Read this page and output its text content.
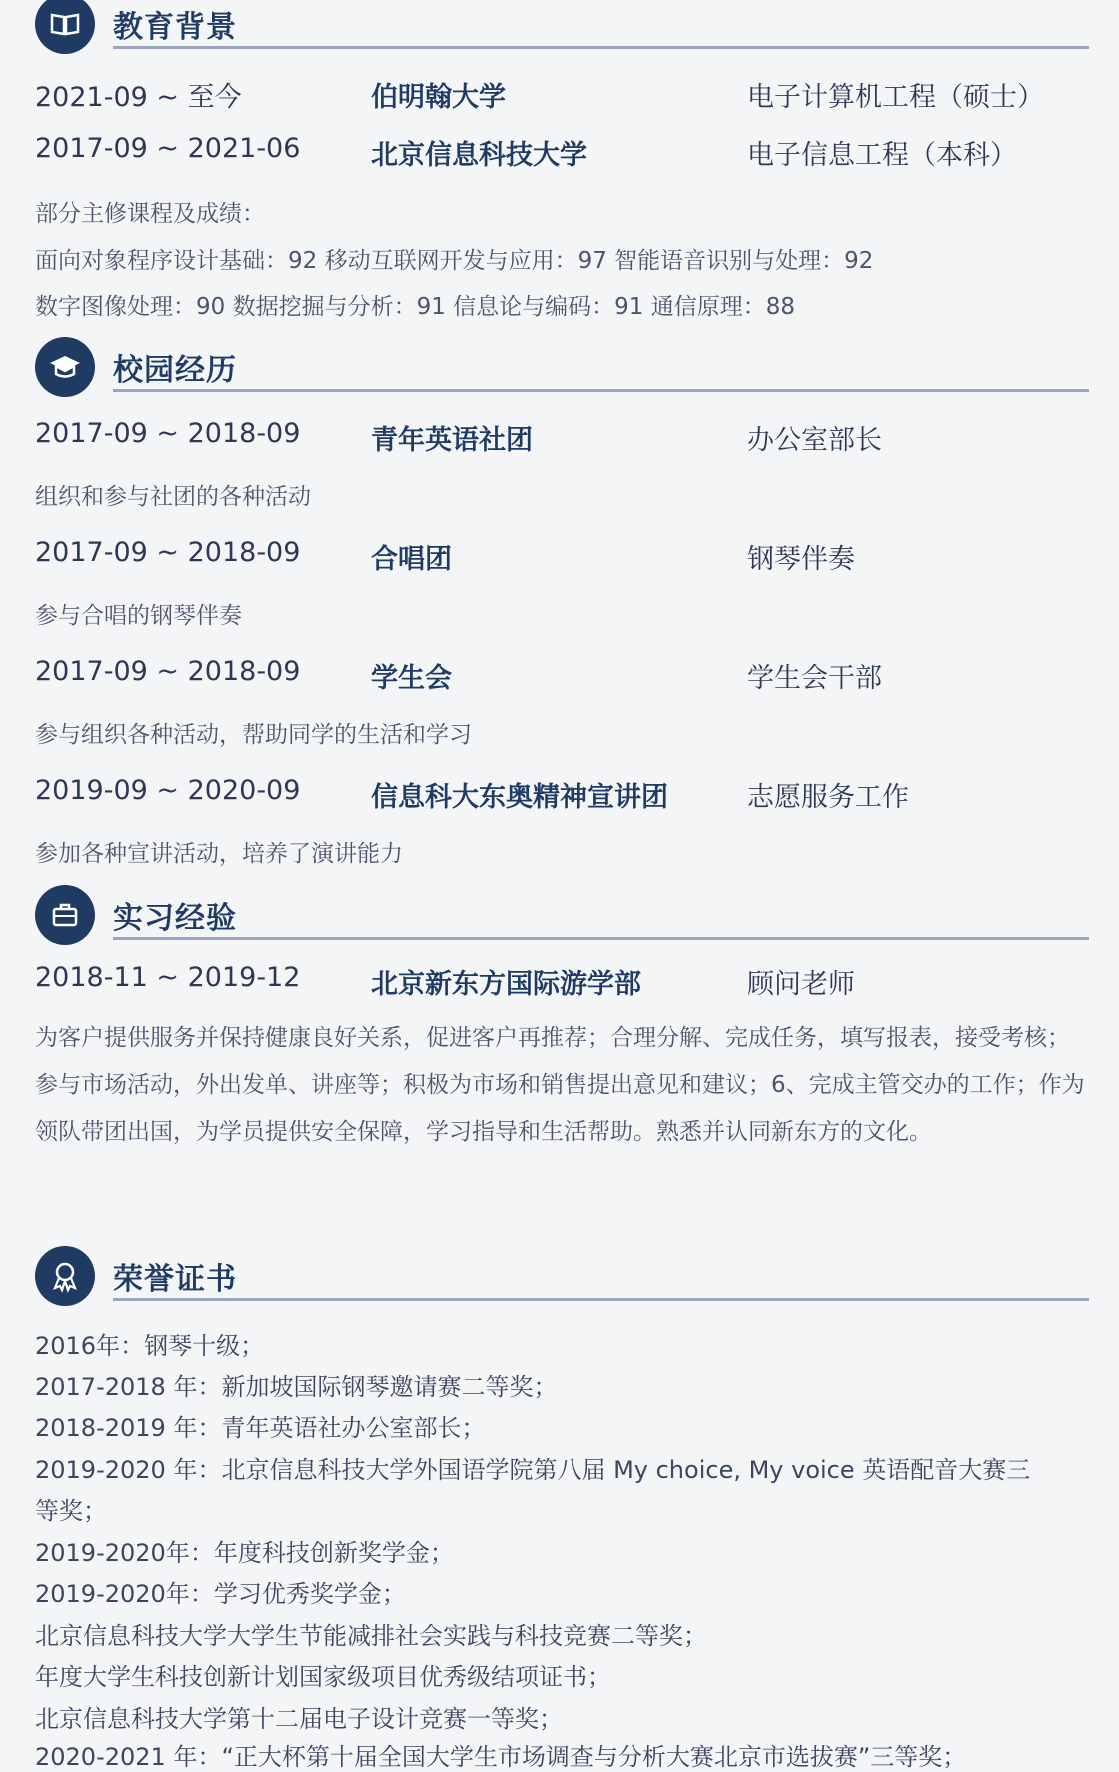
教育背景
2021-09 ~ 至今	伯明翰大学	电子计算机工程（硕士）
2017-09 ~ 2021-06	北京信息科技大学	电子信息工程（本科）
部分主修课程及成绩：
面向对象程序设计基础：92 移动互联网开发与应用：97 智能语音识别与处理：92
数字图像处理：90 数据挖掘与分析：91 信息论与编码：91 通信原理：88
校园经历
2017-09 ~ 2018-09	青年英语社团	办公室部长
组织和参与社团的各种活动
2017-09 ~ 2018-09	合唱团	钢琴伴奏
参与合唱的钢琴伴奏
2017-09 ~ 2018-09	学生会	学生会干部
参与组织各种活动，帮助同学的生活和学习
2019-09 ~ 2020-09	信息科大东奥精神宣讲团	志愿服务工作
参加各种宣讲活动，培养了演讲能力
实习经验
2018-11 ~ 2019-12	北京新东方国际游学部	顾问老师
为客户提供服务并保持健康良好关系，促进客户再推荐；合理分解、完成任务，填写报表，接受考核；参与市场活动，外出发单、讲座等；积极为市场和销售提出意见和建议；6、完成主管交办的工作；作为领队带团出国，为学员提供安全保障，学习指导和生活帮助。熟悉并认同新东方的文化。
荣誉证书
2016年：钢琴十级；
2017-2018 年：新加坡国际钢琴邀请赛二等奖；
2018-2019 年：青年英语社办公室部长；
2019-2020 年：北京信息科技大学外国语学院第八届 My choice, My voice 英语配音大赛三
等奖；
2019-2020年：年度科技创新奖学金；
2019-2020年：学习优秀奖学金；
北京信息科技大学大学生节能减排社会实践与科技竞赛二等奖；
年度大学生科技创新计划国家级项目优秀级结项证书；
北京信息科技大学第十二届电子设计竞赛一等奖；
2020-2021 年：“正大杯第十届全国大学生市场调查与分析大赛北京市选拔赛”三等奖；
